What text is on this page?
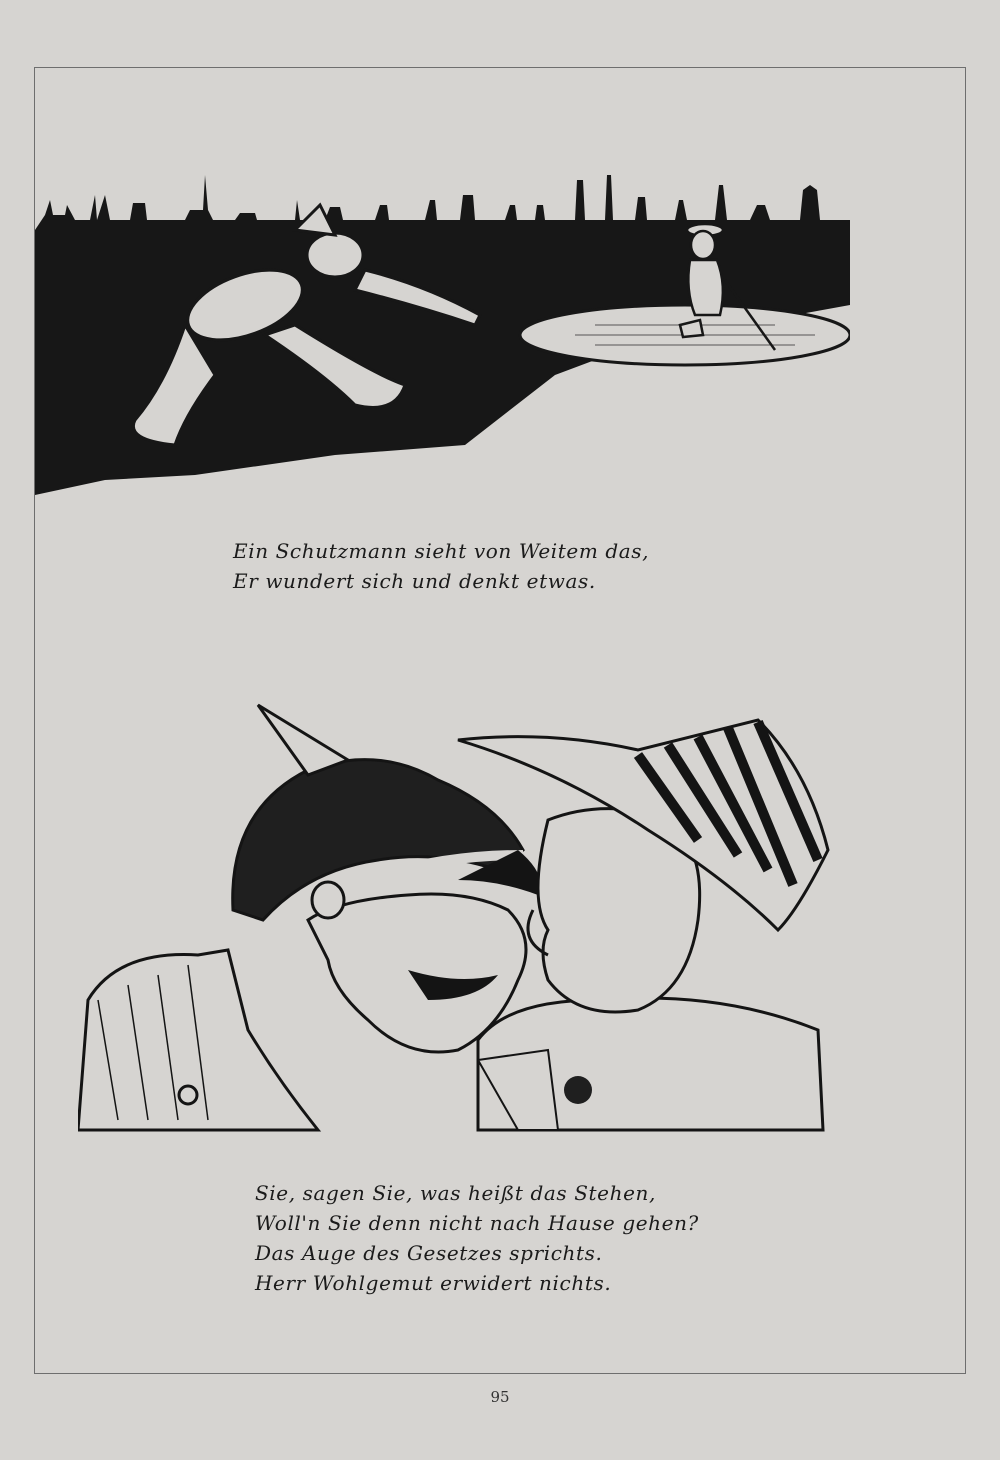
Ein Schutzmann sieht von Weitem das,
Er wundert sich und denkt etwas.
Sie, sagen Sie, was heißt das Stehen,
Woll'n Sie denn nicht nach Hause gehen?
Das Auge des Gesetzes sprichts.
Herr Wohlgemut erwidert nichts.
95
